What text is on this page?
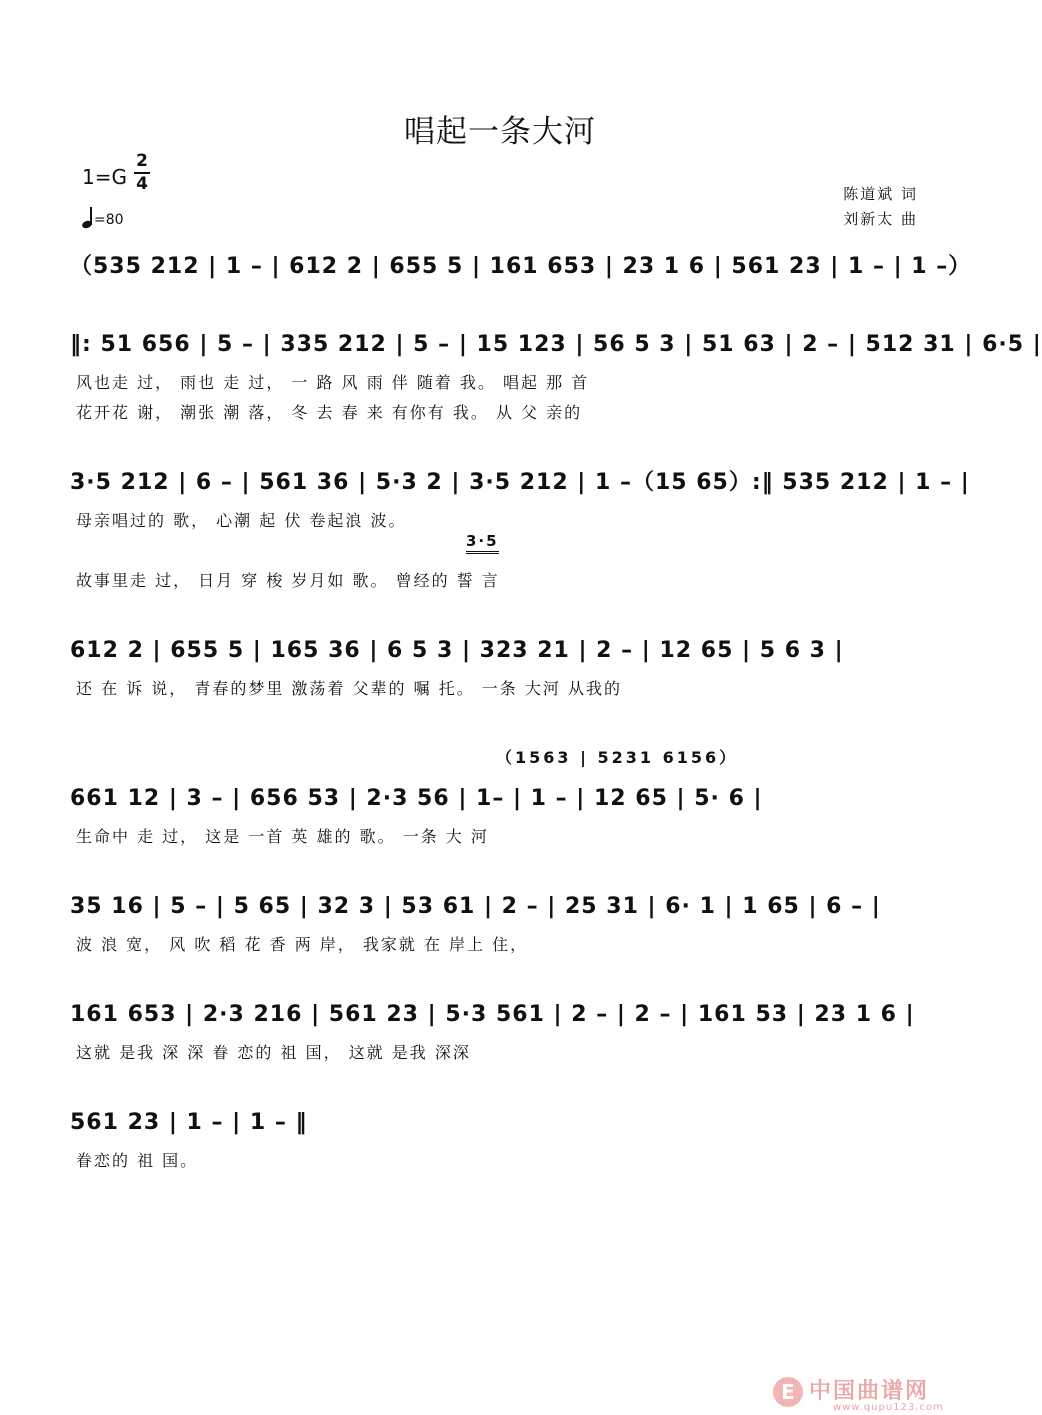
唱起一条大河
1=G
2
4
=80
陈道斌 词
刘新太 曲
（535 212 | 1 – | 612 2 | 655 5 | 161 653 | 23 1 6 | 561 23 | 1 – | 1 –）
‖: 51 656 | 5 – | 335 212 | 5 – | 15 123 | 56 5 3 | 51 63 | 2 – | 512 31 | 6·5 |
风也走 过， 雨也 走 过， 一 路 风 雨 伴 随着 我。 唱起 那 首
花开花 谢， 潮张 潮 落， 冬 去 春 来 有你有 我。 从 父 亲的
3·5 212 | 6 – | 561 36 | 5·3 2 | 3·5 212 | 1 –（15 65）:‖ 535 212 | 1 – |
母亲唱过的 歌， 心潮 起 伏 卷起浪 波。
3·5
故事里走 过， 日月 穿 梭 岁月如 歌。 曾经的 誓 言
612 2 | 655 5 | 165 36 | 6 5 3 | 323 21 | 2 – | 12 65 | 5 6 3 |
还 在 诉 说， 青春的梦里 激荡着 父辈的 嘱 托。 一条 大河 从我的
（1563 | 5231 6156）
661 12 | 3 – | 656 53 | 2·3 56 | 1– | 1 – | 12 65 | 5· 6 |
生命中 走 过， 这是 一首 英 雄的 歌。 一条 大 河
35 16 | 5 – | 5 65 | 32 3 | 53 61 | 2 – | 25 31 | 6· 1 | 1 65 | 6 – |
波 浪 宽， 风 吹 稻 花 香 两 岸， 我家就 在 岸上 住，
161 653 | 2·3 216 | 561 23 | 5·3 561 | 2 – | 2 – | 161 53 | 23 1 6 |
这就 是我 深 深 眷 恋的 祖 国， 这就 是我 深深
561 23 | 1 – | 1 – ‖
眷恋的 祖 国。
E 中国曲谱网
www.qupu123.com
